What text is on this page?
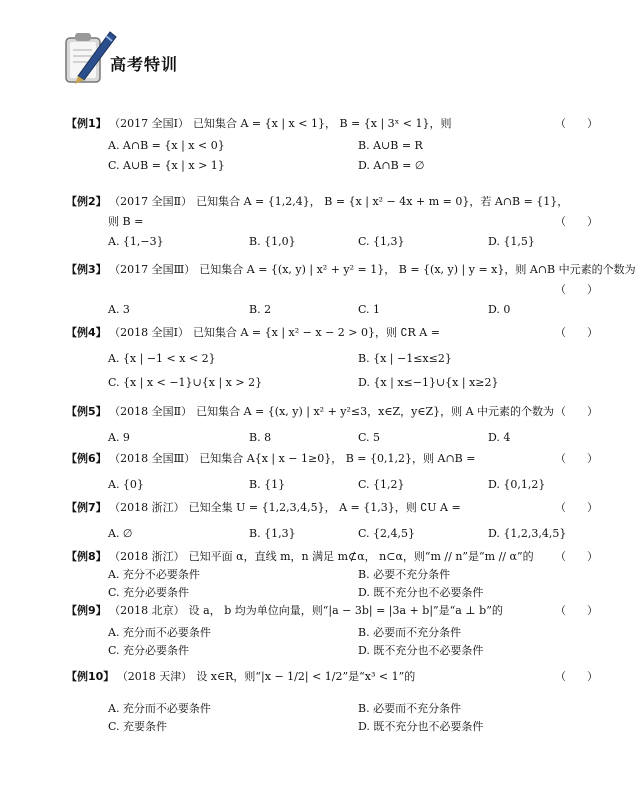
高考特训
【例1】 （2017 全国Ⅰ） 已知集合 A = {x | x < 1}， B = {x | 3ˣ < 1}，则	（      ）
A. A∩B = {x | x < 0}	B. A∪B = R
C. A∪B = {x | x > 1}	D. A∩B = ∅
【例2】 （2017 全国Ⅱ） 已知集合 A = {1,2,4}， B = {x | x² − 4x + m = 0}，若 A∩B = {1}，
则 B =	（      ）
A. {1,−3}	B. {1,0}	C. {1,3}	D. {1,5}
【例3】 （2017 全国Ⅲ） 已知集合 A = {(x, y) | x² + y² = 1}， B = {(x, y) | y = x}，则 A∩B 中元素的个数为
（      ）
A. 3	B. 2	C. 1	D. 0
【例4】 （2018 全国Ⅰ） 已知集合 A = {x | x² − x − 2 > 0}，则 ∁R A =	（      ）
A. {x | −1 < x < 2}	B. {x | −1≤x≤2}
C. {x | x < −1}∪{x | x > 2}	D. {x | x≤−1}∪{x | x≥2}
【例5】 （2018 全国Ⅱ） 已知集合 A = {(x, y) | x² + y²≤3，x∈Z，y∈Z}，则 A 中元素的个数为 （      ）
A. 9	B. 8	C. 5	D. 4
【例6】 （2018 全国Ⅲ） 已知集合 A{x | x − 1≥0}， B = {0,1,2}，则 A∩B =	（      ）
A. {0}	B. {1}	C. {1,2}	D. {0,1,2}
【例7】 （2018 浙江） 已知全集 U = {1,2,3,4,5}， A = {1,3}，则 ∁U A =	（      ）
A. ∅	B. {1,3}	C. {2,4,5}	D. {1,2,3,4,5}
【例8】 （2018 浙江） 已知平面 α，直线 m，n 满足 m⊄α， n⊂α，则“m // n”是“m // α”的 （      ）
A. 充分不必要条件	B. 必要不充分条件
C. 充分必要条件	D. 既不充分也不必要条件
【例9】 （2018 北京） 设 a， b 均为单位向量，则“|a − 3b| = |3a + b|”是“a ⊥ b”的	（      ）
A. 充分而不必要条件	B. 必要而不充分条件
C. 充分必要条件	D. 既不充分也不必要条件
【例10】 （2018 天津） 设 x∈R，则“|x − 1/2| < 1/2”是“x³ < 1”的	（      ）
A. 充分而不必要条件	B. 必要而不充分条件
C. 充要条件	D. 既不充分也不必要条件
